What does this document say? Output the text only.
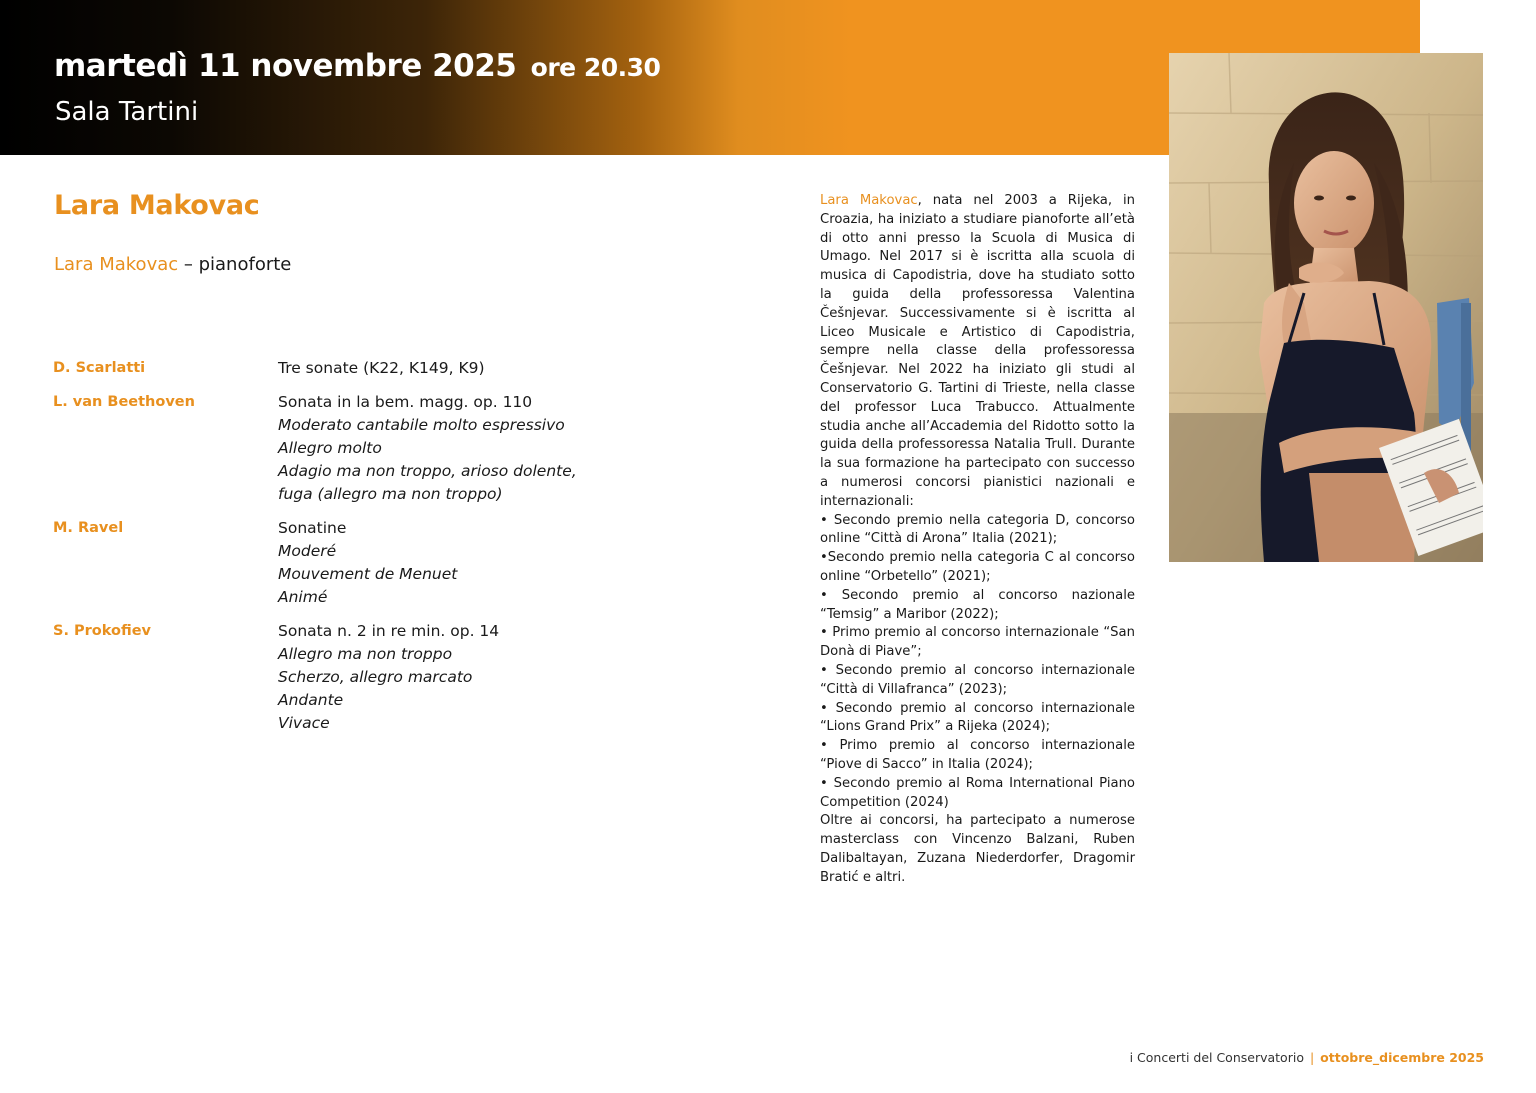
martedì 11 novembre 2025 ore 20.30
Sala Tartini
Lara Makovac
Lara Makovac – pianoforte
D. Scarlatti	Tre sonate (K22, K149, K9)
L. van Beethoven	Sonata in la bem. magg. op. 110
Moderato cantabile molto espressivo
Allegro molto
Adagio ma non troppo, arioso dolente,
fuga (allegro ma non troppo)
M. Ravel	Sonatine
Moderé
Mouvement de Menuet
Animé
S. Prokofiev	Sonata n. 2 in re min. op. 14
Allegro ma non troppo
Scherzo, allegro marcato
Andante
Vivace

Lara Makovac, nata nel 2003 a Rijeka, in Croazia, ha iniziato a studiare pianoforte all’età di otto anni presso la Scuola di Musica di Umago. Nel 2017 si è iscritta alla scuola di musica di Capodistria, dove ha studiato sotto la guida della professoressa Valentina Češnjevar. Successivamente si è iscritta al Liceo Musicale e Artistico di Capodistria, sempre nella classe della professoressa Češnjevar. Nel 2022 ha iniziato gli studi al Conservatorio G. Tartini di Trieste, nella classe del professor Luca Trabucco. Attualmente studia anche all’Accademia del Ridotto sotto la guida della professoressa Natalia Trull. Durante la sua formazione ha partecipato con successo a numerosi concorsi pianistici nazionali e internazionali:

• Secondo premio nella categoria D, concorso online “Città di Arona” Italia (2021);
•Secondo premio nella categoria C al concorso online “Orbetello” (2021);
• Secondo premio al concorso nazionale “Temsig” a Maribor (2022);
• Primo premio al concorso internazionale “San Donà di Piave”;
• Secondo premio al concorso internazionale “Città di Villafranca” (2023);
• Secondo premio al concorso internazionale “Lions Grand Prix” a Rijeka (2024);
• Primo premio al concorso internazionale “Piove di Sacco” in Italia (2024);
• Secondo premio al Roma International Piano Competition (2024)

Oltre ai concorsi, ha partecipato a numerose masterclass con Vincenzo Balzani, Ruben Dalibaltayan, Zuzana Niederdorfer, Dragomir Bratić e altri.

i Concerti del Conservatorio | ottobre_dicembre 2025
